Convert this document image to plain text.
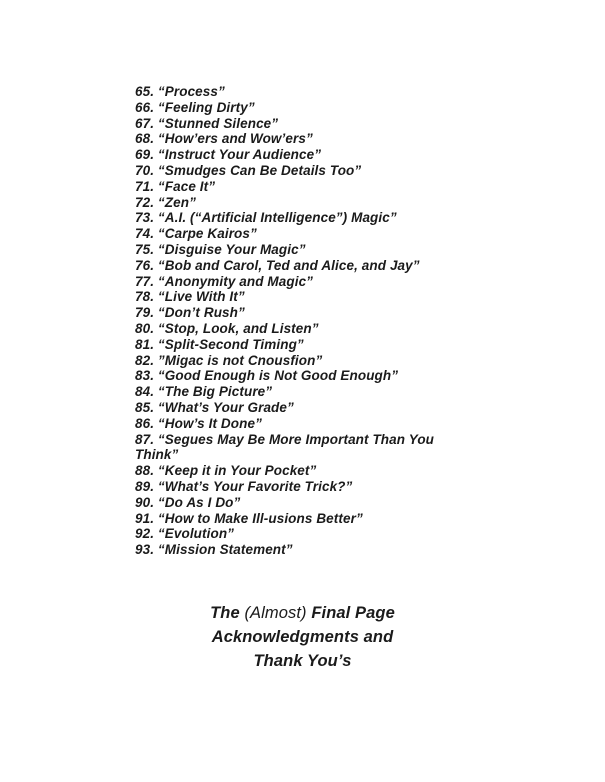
65. “Process”
66. “Feeling Dirty”
67. “Stunned Silence”
68. “How’ers and Wow’ers”
69. “Instruct Your Audience”
70. “Smudges Can Be Details Too”
71. “Face It”
72. “Zen”
73. “A.I. (“Artificial Intelligence”) Magic”
74. “Carpe Kairos”
75. “Disguise Your Magic”
76. “Bob and Carol, Ted and Alice, and Jay”
77. “Anonymity and Magic”
78. “Live With It”
79. “Don’t Rush”
80. “Stop, Look, and Listen”
81. “Split-Second Timing”
82. ”Migac is not Cnousfion”
83. “Good Enough is Not Good Enough”
84. “The Big Picture”
85. “What’s Your Grade”
86. “How’s It Done”
87. “Segues May Be More Important Than You Think”
88. “Keep it in Your Pocket”
89. “What’s Your Favorite Trick?”
90. “Do As I Do”
91. “How to Make Ill-usions Better”
92. “Evolution”
93. “Mission Statement”
The (Almost) Final Page
Acknowledgments and
Thank You’s
